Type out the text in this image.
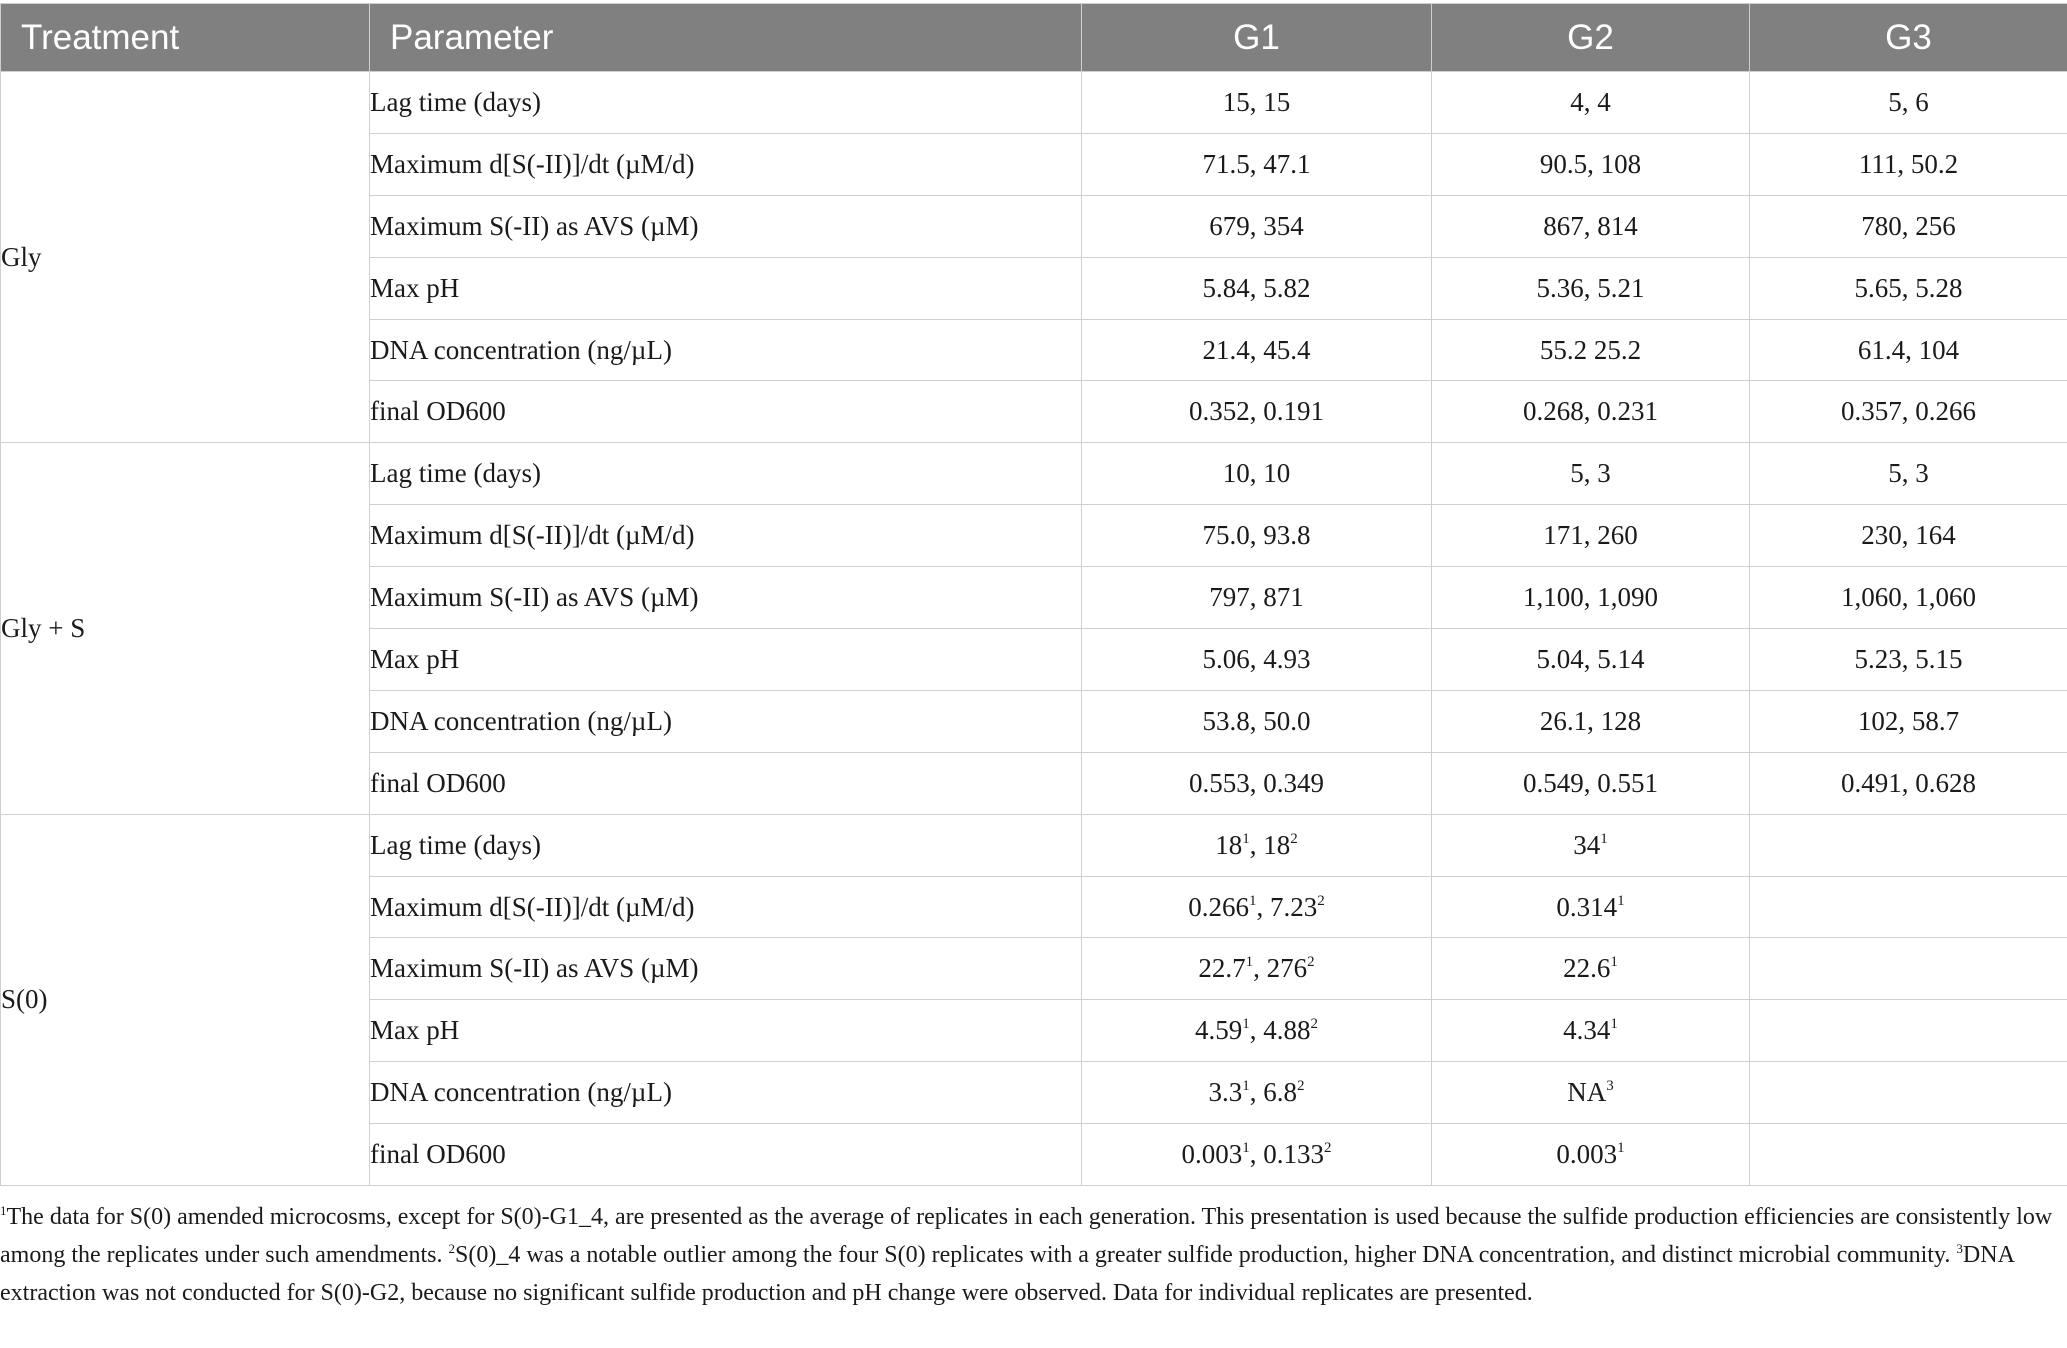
Treatment	Parameter	G1	G2	G3
Gly	Lag time (days)	15, 15	4, 4	5, 6
	Maximum d[S(-II)]/dt (µM/d)	71.5, 47.1	90.5, 108	111, 50.2
	Maximum S(-II) as AVS (µM)	679, 354	867, 814	780, 256
	Max pH	5.84, 5.82	5.36, 5.21	5.65, 5.28
	DNA concentration (ng/µL)	21.4, 45.4	55.2 25.2	61.4, 104
	final OD600	0.352, 0.191	0.268, 0.231	0.357, 0.266
Gly + S	Lag time (days)	10, 10	5, 3	5, 3
	Maximum d[S(-II)]/dt (µM/d)	75.0, 93.8	171, 260	230, 164
	Maximum S(-II) as AVS (µM)	797, 871	1,100, 1,090	1,060, 1,060
	Max pH	5.06, 4.93	5.04, 5.14	5.23, 5.15
	DNA concentration (ng/µL)	53.8, 50.0	26.1, 128	102, 58.7
	final OD600	0.553, 0.349	0.549, 0.551	0.491, 0.628
S(0)	Lag time (days)	$18^1$, $18^2$	$34^1$	
	Maximum d[S(-II)]/dt (µM/d)	0.266$^1$, 7.23$^2$	0.314$^1$	
	Maximum S(-II) as AVS (µM)	22.7$^1$, $276^2$	22.6$^1$	
	Max pH	4.59$^1$, 4.88$^2$	4.34$^1$	
	DNA concentration (ng/µL)	$3.3^1$, $6.8^2$	$NA^3$	
	final OD600	0.003$^1$, 0.133$^2$	0.003$^1$	
$^1$The data for S(0) amended microcosms, except for S(0)-G1_4, are presented as the average of replicates in each generation. This presentation is used because the sulfide production efficiencies are consistently low among the replicates under such amendments. $^2$S(0)_4 was a notable outlier among the four S(0) replicates with a greater sulfide production, higher DNA concentration, and distinct microbial community. $^3$DNA extraction was not conducted for S(0)-G2, because no significant sulfide production and pH change were observed. Data for individual replicates are presented.
